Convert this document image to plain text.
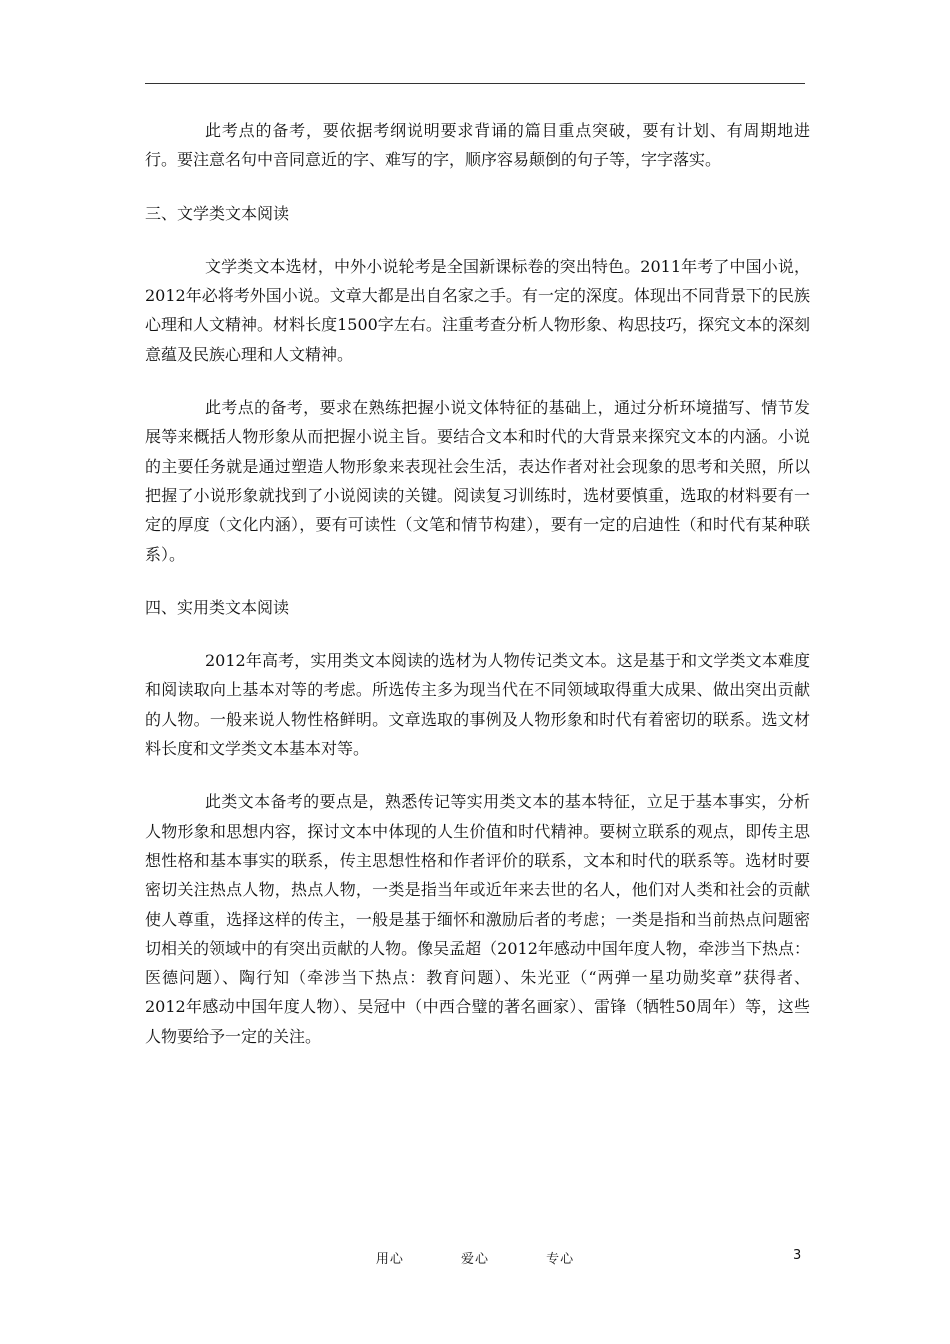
此考点的备考，要依据考纲说明要求背诵的篇目重点突破，要有计划、有周期地进行。要注意名句中音同意近的字、难写的字，顺序容易颠倒的句子等，字字落实。

三、文学类文本阅读

文学类文本选材，中外小说轮考是全国新课标卷的突出特色。2011年考了中国小说，2012年必将考外国小说。文章大都是出自名家之手。有一定的深度。体现出不同背景下的民族心理和人文精神。材料长度1500字左右。注重考查分析人物形象、构思技巧，探究文本的深刻意蕴及民族心理和人文精神。

此考点的备考，要求在熟练把握小说文体特征的基础上，通过分析环境描写、情节发展等来概括人物形象从而把握小说主旨。要结合文本和时代的大背景来探究文本的内涵。小说的主要任务就是通过塑造人物形象来表现社会生活，表达作者对社会现象的思考和关照，所以把握了小说形象就找到了小说阅读的关键。阅读复习训练时，选材要慎重，选取的材料要有一定的厚度（文化内涵），要有可读性（文笔和情节构建），要有一定的启迪性（和时代有某种联系）。

四、实用类文本阅读

2012年高考，实用类文本阅读的选材为人物传记类文本。这是基于和文学类文本难度和阅读取向上基本对等的考虑。所选传主多为现当代在不同领域取得重大成果、做出突出贡献的人物。一般来说人物性格鲜明。文章选取的事例及人物形象和时代有着密切的联系。选文材料长度和文学类文本基本对等。

此类文本备考的要点是，熟悉传记等实用类文本的基本特征，立足于基本事实，分析人物形象和思想内容，探讨文本中体现的人生价值和时代精神。要树立联系的观点，即传主思想性格和基本事实的联系，传主思想性格和作者评价的联系，文本和时代的联系等。选材时要密切关注热点人物，热点人物，一类是指当年或近年来去世的名人，他们对人类和社会的贡献使人尊重，选择这样的传主，一般是基于缅怀和激励后者的考虑；一类是指和当前热点问题密切相关的领域中的有突出贡献的人物。像吴孟超（2012年感动中国年度人物，牵涉当下热点：医德问题）、陶行知（牵涉当下热点：教育问题）、朱光亚（“两弹一星功勋奖章”获得者、2012年感动中国年度人物）、吴冠中（中西合璧的著名画家）、雷锋（牺牲50周年）等，这些人物要给予一定的关注。

用心	爱心	专心	3
